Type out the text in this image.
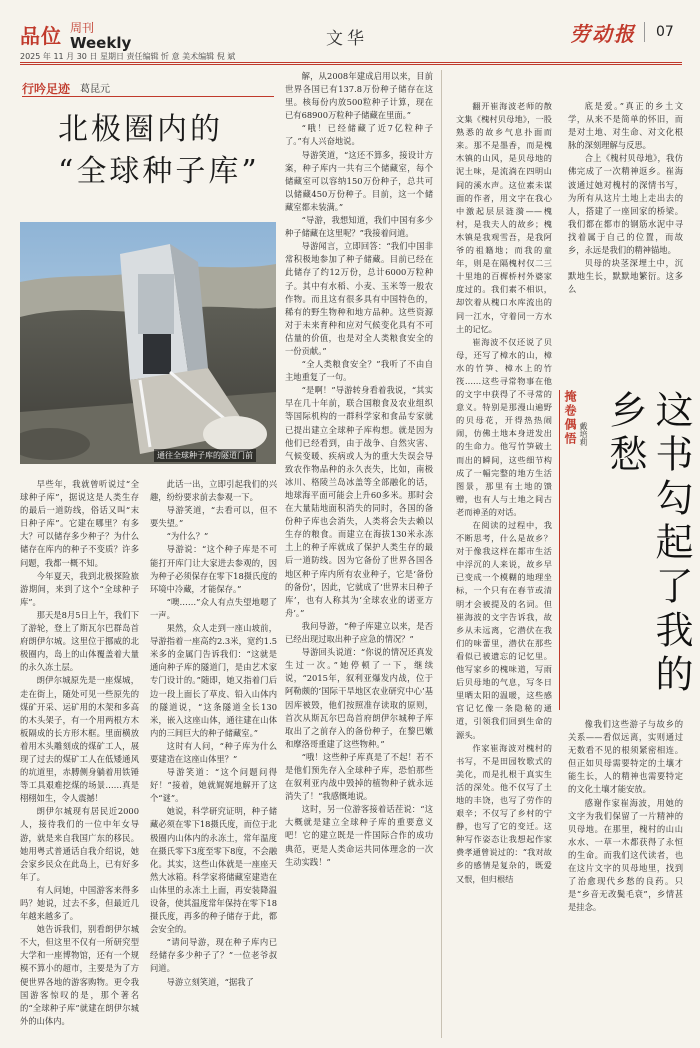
品位 周刊
Weekly	文华	劳动报 07
2025 年 11 月 30 日 星期日 责任编辑 忻 意 美术编辑 倪 斌
行吟足迹 葛昆元
北极圈内的
“全球种子库”
通往全球种子库的隧道门前

早些年，我就曾听说过“全球种子库”，据说这是人类生存的最后一道防线，俗话又叫“末日种子库”。它建在哪里？有多大？可以储存多少种子？为什么储存在库内的种子不变质？许多问题，我都一概不知。

今年夏天，我到北极探险旅游期间，来到了这个“全球种子库”。

那天是8月5日上午，我们下了游轮，登上了斯瓦尔巴群岛首府朗伊尔城。这里位于挪威的北极圈内，岛上的山体覆盖着大量的永久冻土层。

朗伊尔城原先是一座煤城，走在街上，随处可见一些原先的煤矿开采、运矿用的木架和多高的木头架子，有一个用两根方木板隔成的长方形木框。里面横放着用木头雕刻成的煤矿工人，展现了过去的煤矿工人在低矮通风的坑道里，赤膊侧身躺着用铁锤等工具艰难挖煤的场景……真是栩栩如生，令人震撼！

朗伊尔城现有居民近2000人，接待我们的一位中年女导游，就是来自我国广东的移民。她用粤式普通话自我介绍说，她会家乡民众在此岛上，已有好多年了。

有人问她，中国游客来得多吗？她说，过去不多，但最近几年越来越多了。

她告诉我们，别看朗伊尔城不大，但这里不仅有一所研究型大学和一座博物馆，还有一个规模不算小的超市，主要是为了方便世界各地的游客购物。更令我国游客惊叹的是，那个著名的“全球种子库”就建在朗伊尔城外的山体内。

此话一出，立即引起我们的兴趣，纷纷要求前去参观一下。

导游笑道，“去看可以，但不要失望。”

“为什么？”

导游说：“这个种子库是不可能打开库门让大家进去参观的，因为种子必须保存在零下18摄氏度的环境中冷藏，才能保存。”

“噢……”众人有点失望地嗯了一声。

果然，众人走到一座山坡前，导游指着一座高约2.3米，宽约1.5米多的金属门告诉我们：“这就是通向种子库的隧道门，是由艺术家专门设计的。”随即，她又指着门后边一段上面长了草皮、铅入山体内的隧道说，“这条隧道全长130米，嵌入这座山体，通往建在山体内的三间巨大的种子储藏室。”

这时有人问，“种子库为什么要建造在这座山体里？”

导游笑道：“这个问题问得好！”接着，她就娓娓地解开了这个“谜”。

她说，科学研究证明，种子储藏必须在零下18摄氏度，而位于北极圈内山体内的永冻土，常年温度在摄氏零下3度至零下8度，不会融化。其实，这些山体就是一座座天然大冰箱。科学家将储藏室建造在山体里的永冻土上面，再安装降温设备，使其温度常年保持在零下18摄氏度，再多的种子储存于此，都会安全的。

“请问导游，现在种子库内已经储存多少种子了？”一位老爷叔问道。

导游立刻笑道，“据我了

解，从2008年建成启用以来，目前世界各国已有137.8万份种子储存在这里。核每份内放500粒种子计算，现在已有68900万粒种子储藏在里面。”

“哦！已经储藏了近7亿粒种子了。”有人兴奋地说。

导游笑道，“这还不算多，接设计方案，种子库内一共有三个储藏室，每个储藏室可以容纳150万份种子，总共可以储藏450万份种子。目前，这一个储藏室都未装满。”

“导游，我想知道，我们中国有多少种子储藏在这里呢？”我接着问道。

导游闻言，立即回答：“我们中国非常积极地参加了种子储藏。目前已经在此储存了约12万份，总计6000万粒种子。其中有水稻、小麦、玉米等一般农作物。而且这有很多具有中国特色的，稀有的野生物种和地方品种。这些资源对于未来育种和应对气候变化具有不可估量的价值，也是对全人类粮食安全的一份贡献。”

“全人类粮食安全？”我听了不由自主地重复了一句。

“是啊！”导游转身看着我说，“其实早在几十年前，联合国粮食及农业组织等国际机构的一群科学家和食品专家就已提出建立全球种子库构想。就是因为他们已经看到，由于战争、自然灾害、气候变暖、疾病或人为的重大失误会导致农作物品种的永久丧失，比如，南极冰川、格陵兰岛冰盖等全部融化的话，地球海平面可能会上升60多米。那时会在大量陆地面积消失的同时，各国的备份种子库也会消失，人类将会失去赖以生存的粮食。而建立在海拔130米永冻土上的种子库就成了保护人类生存的最后一道防线。因为它备份了世界各国各地区种子库内所有农业种子，它是‘备份的备份’，因此，它就成了‘世界末日种子库’，也有人称其为‘全球农业的诺亚方舟’。”

我问导游，“种子库建立以来，是否已经出现过取出种子应急的情况？”

导游回头说道：“你说的情况还真发生过一次。”她停顿了一下，继续说，“2015年，叙利亚爆发内战，位于阿勒颇的‘国际干旱地区农业研究中心’基因库被毁，他们按照准存读取的原则，首次从斯瓦尔巴岛首府朗伊尔城种子库取出了之前存入的备份种子，在黎巴嫩和摩洛哥重建了这些物种。”

“哦！这些种子库真是了不起！若不是他们预先存入全球种子库，恐怕那些在叙利亚内战中毁掉的植物种子就永远消失了！”我感慨地说。

这时，另一位游客接着话茬说：“这大概就是建立全球种子库的重要意义吧！它的建立既是一件国际合作的成功典范，更是人类命运共同体理念的一次生动实践！”

翻开崔海波老师的散文集《槐村贝母地》，一股熟悉的故乡气息扑面而来。那不是墨香，而是槐木镇的山风，是贝母地的泥土味，是流淌在四明山间的溪水声。这位素未谋面的作者，用文字在我心中激起层层涟漪——槐村，是我夫人的故乡；槐木镇是我观雪吾，是我阿爷的祖籍地；而我的童年，则是在隔槐村仅二三十里地的百樨桥村外婆家度过的。我们素不相识，却饮着从槐口水库流出的同一江水，守着同一方水土的记忆。

崔海波不仅还说了贝母，还写了樟水的山，樟水的竹笋、樟水上的竹筏……这些寻常物事在他的文字中获得了不寻常的意义。特别是那漫山遍野的贝母花，开得热热闹闹，仿佛土地本身迸发出的生命力。他写竹笋破土而出的瞬间，这些细节构成了一幅完整的地方生活图景，那里有土地的馈赠，也有人与土地之间古老而神圣的对话。

在阅读的过程中，我不断思考，什么是故乡？对于像我这样在都市生活中浮沉的人来说，故乡早已变成一个模糊的地理坐标，一个只有在春节或清明才会被提及的名词。但崔海波的文字告诉我，故乡从未远离，它潜伏在我们的味蕾里，潜伏在那些看似已被遗忘的记忆里。他写家乡的槐味道，写雨后贝母地的气息，写冬日里晒太阳的温暖，这些感官记忆像一条隐秘的通道，引领我们回到生命的源头。

作家崔海波对槐村的书写，不是田园牧歌式的美化，而是扎根于真实生活的深处。他不仅写了土地的丰饶，也写了劳作的艰辛；不仅写了乡村的宁静，也写了它的变迁。这种写作姿态让我想起作家费孝通曾说过的：“我对故乡的感情是复杂的，既爱又恨，但归根结

底是爱。”真正的乡土文学，从来不是简单的怀旧，而是对土地、对生命、对文化根脉的深刻理解与反思。

合上《槐村贝母地》，我仿佛完成了一次精神返乡。崔海波通过她对槐村的深情书写，为所有从这片土地上走出去的人，搭建了一座回家的桥梁。我们都在都市的钢筋水泥中寻找着属于自己的位置，而故乡，永远是我们的精神锚地。

贝母的块茎深埋土中，沉默地生长，默默地繁衍。这多么

掩卷偶悟 戴培莉	这书勾起了我的乡愁

像我们这些游子与故乡的关系——看似远离，实则通过无数看不见的根须紧密相连。但正如贝母需要特定的土壤才能生长，人的精神也需要特定的文化土壤才能安放。

感谢作家崔海波，用她的文字为我们保留了一片精神的贝母地。在那里，槐村的山山水水、一草一木都获得了永恒的生命。而我们这代读者，也在这片文字的贝母地里，找到了治愈现代乡愁的良药。只是“乡音无改鬓毛衰”，乡情甚是挂念。
